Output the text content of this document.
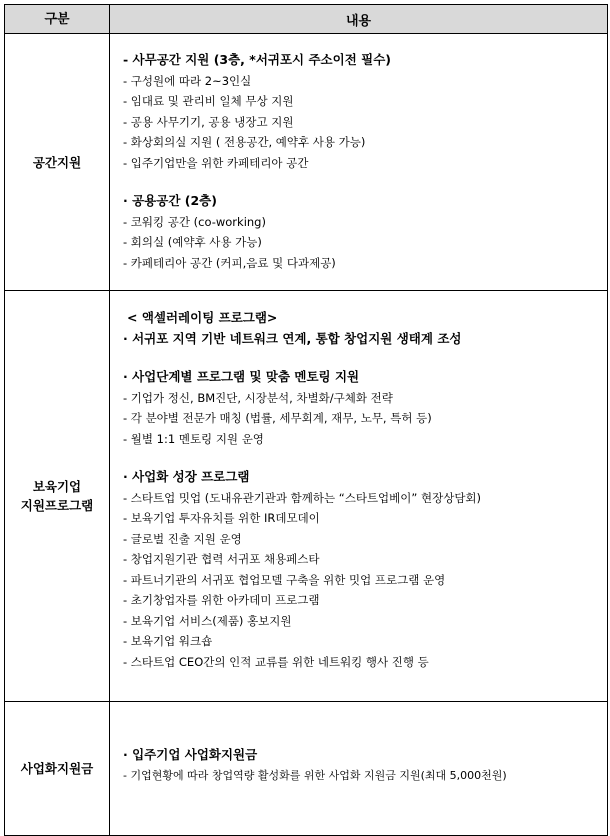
구분	내용
공간지원
- 사무공간 지원 (3층, *서귀포시 주소이전 필수)
- 구성원에 따라 2~3인실
- 임대료 및 관리비 일체 무상 지원
- 공용 사무기기, 공용 냉장고 지원
- 화상회의실 지원 ( 전용공간, 예약후 사용 가능)
- 입주기업만을 위한 카페테리아 공간
· 공용공간 (2층)
- 코워킹 공간 (co-working)
- 회의실 (예약후 사용 가능)
- 카페테리아 공간 (커피,음료 및 다과제공)
보육기업
지원프로그램
< 액셀러레이팅 프로그램>
· 서귀포 지역 기반 네트워크 연계, 통합 창업지원 생태계 조성
· 사업단계별 프로그램 및 맞춤 멘토링 지원
- 기업가 정신, BM진단, 시장분석, 차별화/구체화 전략
- 각 분야별 전문가 매칭 (법률, 세무회계, 재무, 노무, 특허 등)
- 월별 1:1 멘토링 지원 운영
· 사업화 성장 프로그램
- 스타트업 밋업 (도내유관기관과 함께하는 “스타트업베이” 현장상담회)
- 보육기업 투자유치를 위한 IR데모데이
- 글로벌 진출 지원 운영
- 창업지원기관 협력 서귀포 채용페스타
- 파트너기관의 서귀포 협업모델 구축을 위한 밋업 프로그램 운영
- 초기창업자를 위한 아카데미 프로그램
- 보육기업 서비스(제품) 홍보지원
- 보육기업 워크숍
- 스타트업 CEO간의 인적 교류를 위한 네트워킹 행사 진행 등
사업화지원금
· 입주기업 사업화지원금
- 기업현황에 따라 창업역량 활성화를 위한 사업화 지원금 지원(최대 5,000천원)
